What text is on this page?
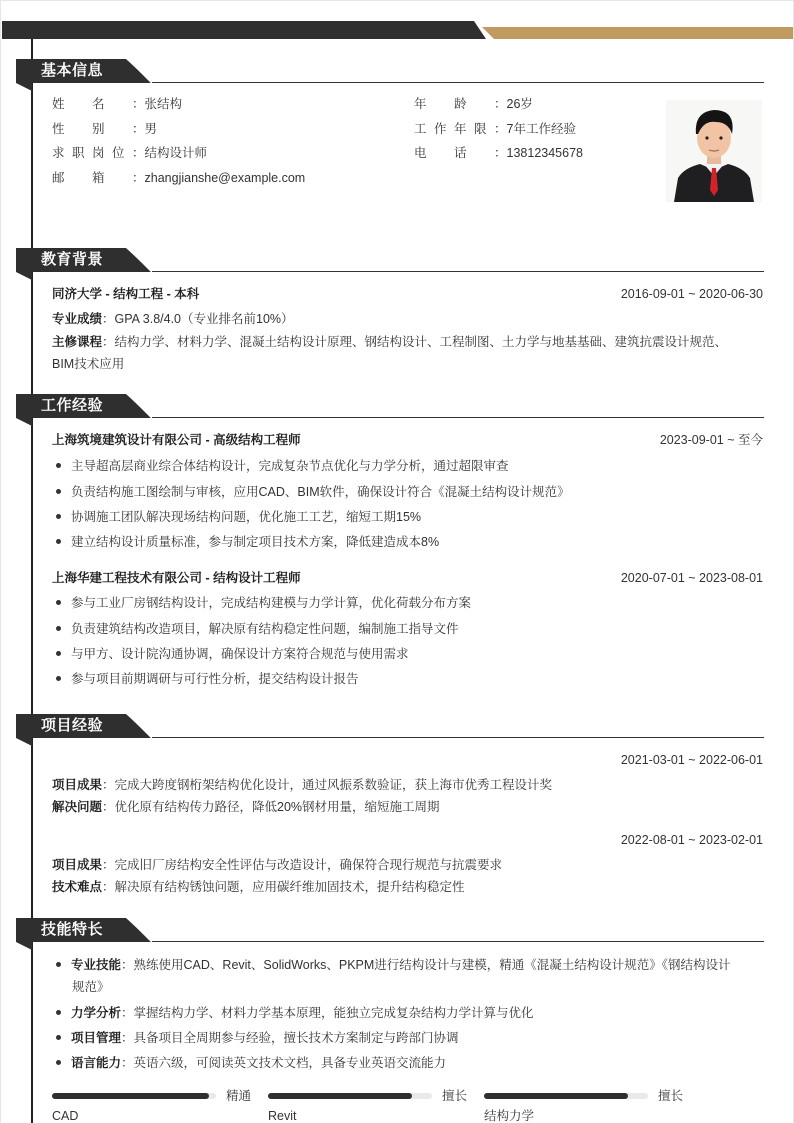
基本信息
姓 名 ：张结构
性 别 ：男
求 职 岗 位 ：结构设计师
邮 箱 ：zhangjianshe@example.com
年 龄 ：26岁
工 作 年 限 ：7年工作经验
电 话 ：13812345678
教育背景
同济大学 - 结构工程 - 本科	2016-09-01 ~ 2020-06-30
专业成绩：GPA 3.8/4.0（专业排名前10%）
主修课程：结构力学、材料力学、混凝土结构设计原理、钢结构设计、工程制图、土力学与地基基础、建筑抗震设计规范、
BIM技术应用
工作经验
上海筑境建筑设计有限公司 - 高级结构工程师	2023-09-01 ~ 至今
主导超高层商业综合体结构设计，完成复杂节点优化与力学分析，通过超限审查
负责结构施工图绘制与审核，应用CAD、BIM软件，确保设计符合《混凝土结构设计规范》
协调施工团队解决现场结构问题，优化施工工艺，缩短工期15%
建立结构设计质量标准，参与制定项目技术方案，降低建造成本8%
上海华建工程技术有限公司 - 结构设计工程师	2020-07-01 ~ 2023-08-01
参与工业厂房钢结构设计，完成结构建模与力学计算，优化荷载分布方案
负责建筑结构改造项目，解决原有结构稳定性问题，编制施工指导文件
与甲方、设计院沟通协调，确保设计方案符合规范与使用需求
参与项目前期调研与可行性分析，提交结构设计报告
项目经验
2021-03-01 ~ 2022-06-01
项目成果：完成大跨度钢桁架结构优化设计，通过风振系数验证，获上海市优秀工程设计奖
解决问题：优化原有结构传力路径，降低20%钢材用量，缩短施工周期
2022-08-01 ~ 2023-02-01
项目成果：完成旧厂房结构安全性评估与改造设计，确保符合现行规范与抗震要求
技术难点：解决原有结构锈蚀问题，应用碳纤维加固技术，提升结构稳定性
技能特长
专业技能：熟练使用CAD、Revit、SolidWorks、PKPM进行结构设计与建模，精通《混凝土结构设计规范》《钢结构设计
规范》
力学分析：掌握结构力学、材料力学基本原理，能独立完成复杂结构力学计算与优化
项目管理：具备项目全周期参与经验，擅长技术方案制定与跨部门协调
语言能力：英语六级，可阅读英文技术文档，具备专业英语交流能力
精通
CAD
擅长
Revit
擅长
结构力学
